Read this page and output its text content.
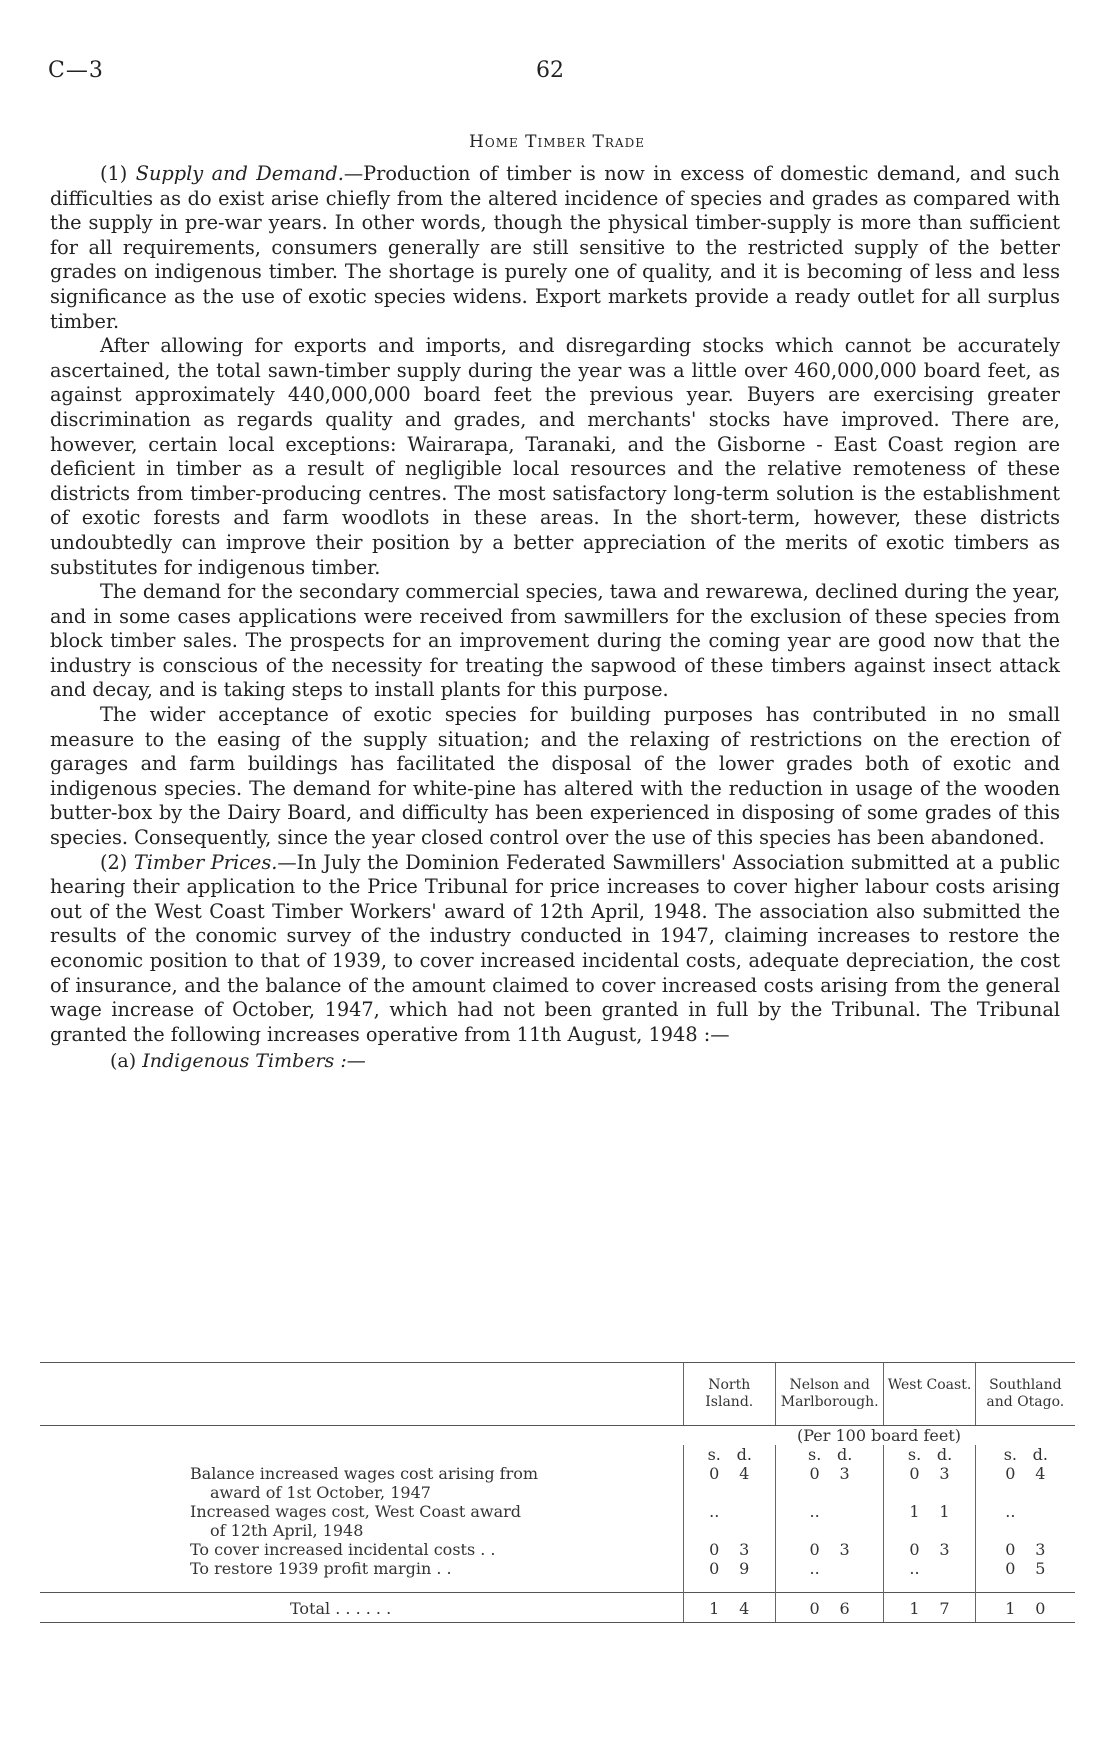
C—3	62
Home Timber Trade

(1) Supply and Demand.—Production of timber is now in excess of domestic demand, and such difficulties as do exist arise chiefly from the altered incidence of species and grades as compared with the supply in pre-war years. In other words, though the physical timber-supply is more than sufficient for all requirements, consumers generally are still sensitive to the restricted supply of the better grades on indigenous timber. The shortage is purely one of quality, and it is becoming of less and less significance as the use of exotic species widens. Export markets provide a ready outlet for all surplus timber.

After allowing for exports and imports, and disregarding stocks which cannot be accurately ascertained, the total sawn-timber supply during the year was a little over 460,000,000 board feet, as against approximately 440,000,000 board feet the previous year. Buyers are exercising greater discrimination as regards quality and grades, and merchants' stocks have improved. There are, however, certain local exceptions: Wairarapa, Taranaki, and the Gisborne - East Coast region are deficient in timber as a result of negligible local resources and the relative remoteness of these districts from timber-producing centres. The most satisfactory long-term solution is the establishment of exotic forests and farm woodlots in these areas. In the short-term, however, these districts undoubtedly can improve their position by a better appreciation of the merits of exotic timbers as substitutes for indigenous timber.

The demand for the secondary commercial species, tawa and rewarewa, declined during the year, and in some cases applications were received from sawmillers for the exclusion of these species from block timber sales. The prospects for an improvement during the coming year are good now that the industry is conscious of the necessity for treating the sapwood of these timbers against insect attack and decay, and is taking steps to install plants for this purpose.

The wider acceptance of exotic species for building purposes has contributed in no small measure to the easing of the supply situation; and the relaxing of restrictions on the erection of garages and farm buildings has facilitated the disposal of the lower grades both of exotic and indigenous species. The demand for white-pine has altered with the reduction in usage of the wooden butter-box by the Dairy Board, and difficulty has been experienced in disposing of some grades of this species. Consequently, since the year closed control over the use of this species has been abandoned.

(2) Timber Prices.—In July the Dominion Federated Sawmillers' Association submitted at a public hearing their application to the Price Tribunal for price increases to cover higher labour costs arising out of the West Coast Timber Workers' award of 12th April, 1948. The association also submitted the results of the conomic survey of the industry conducted in 1947, claiming increases to restore the economic position to that of 1939, to cover increased incidental costs, adequate depreciation, the cost of insurance, and the balance of the amount claimed to cover increased costs arising from the general wage increase of October, 1947, which had not been granted in full by the Tribunal. The Tribunal granted the following increases operative from 11th August, 1948 :—

(a) Indigenous Timbers :—
	North Island.	Nelson and Marlborough.	West Coast.	Southland and Otago.
	(Per 100 board feet)			
	s. d.	s. d.	s. d.	s. d.
Balance increased wages cost arising from	0 4	0 3	0 3	0 4
award of 1st October, 1947				
Increased wages cost, West Coast award	..	..	1 1	..
of 12th April, 1948				
To cover increased incidental costs . .	0 3	0 3	0 3	0 3
To restore 1939 profit margin . .	0 9	..	..	0 5

Total . . . . . .	1 4	0 6	1 7	1 0
